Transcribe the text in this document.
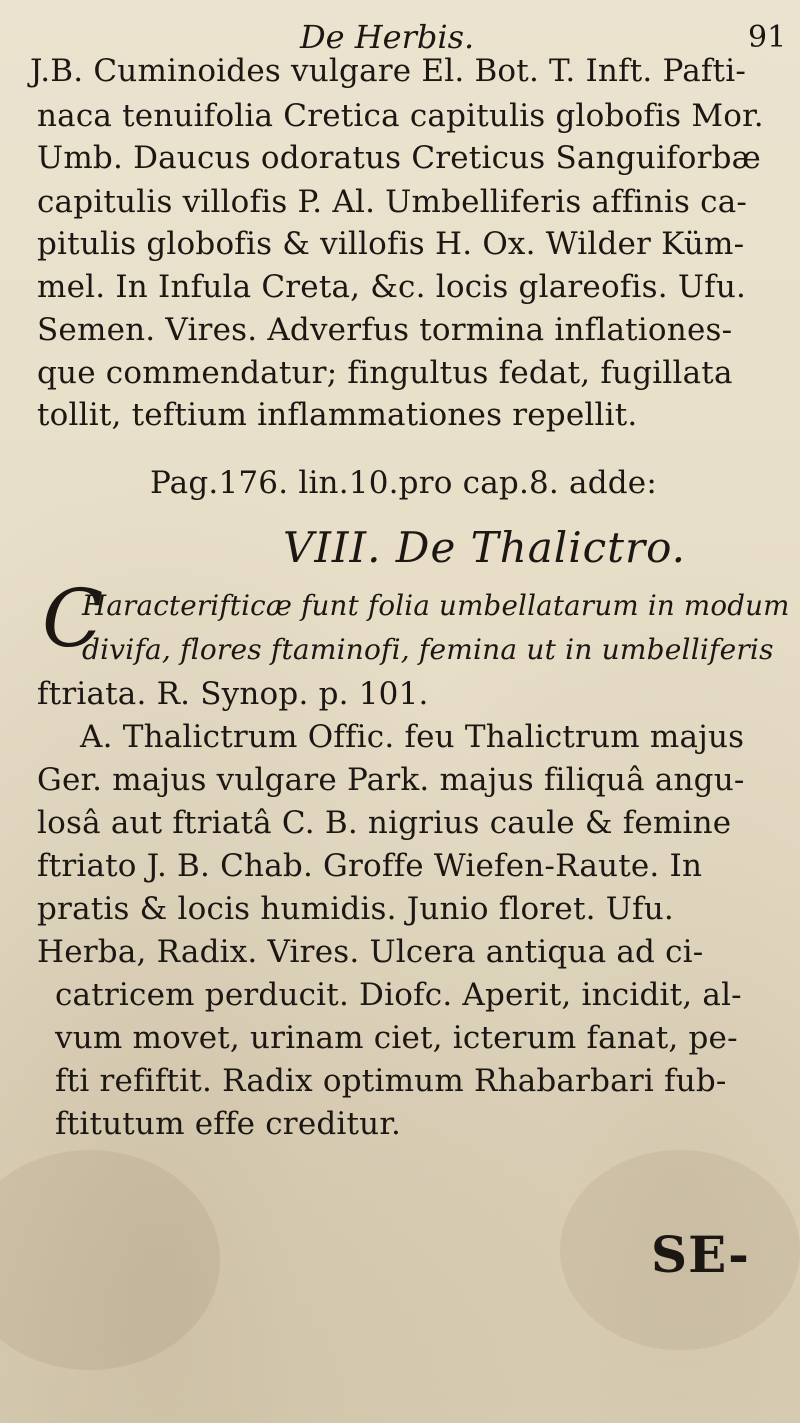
De Herbis.	91
J.B. Cuminoides vulgare El. Bot. T. Inft. Pafti-
naca tenuifolia Cretica capitulis globofis Mor.
Umb. Daucus odoratus Creticus Sanguiforbæ
capitulis villofis P. Al. Umbelliferis affinis ca-
pitulis globofis & villofis H. Ox. Wilder Küm-
mel. In Infula Creta, &c. locis glareofis. Ufu.
Semen. Vires. Adverfus tormina inflationes-
que commendatur; fingultus fedat, fugillata
tollit, teftium inflammationes repellit.
Pag.176. lin.10.pro cap.8. adde:
VIII. De Thalictro.
C
Haracterifticæ funt folia umbellatarum in modum
divifa, flores ftaminofi, femina ut in umbelliferis
ftriata. R. Synop. p. 101.
A. Thalictrum Offic. feu Thalictrum majus
Ger. majus vulgare Park. majus filiquâ angu-
losâ aut ftriatâ C. B. nigrius caule & femine
ftriato J. B. Chab. Groffe Wiefen-Raute. In
pratis & locis humidis. Junio floret. Ufu.
Herba, Radix. Vires. Ulcera antiqua ad ci-
catricem perducit. Diofc. Aperit, incidit, al-
vum movet, urinam ciet, icterum fanat, pe-
fti refiftit. Radix optimum Rhabarbari fub-
ftitutum effe creditur.
SE-
